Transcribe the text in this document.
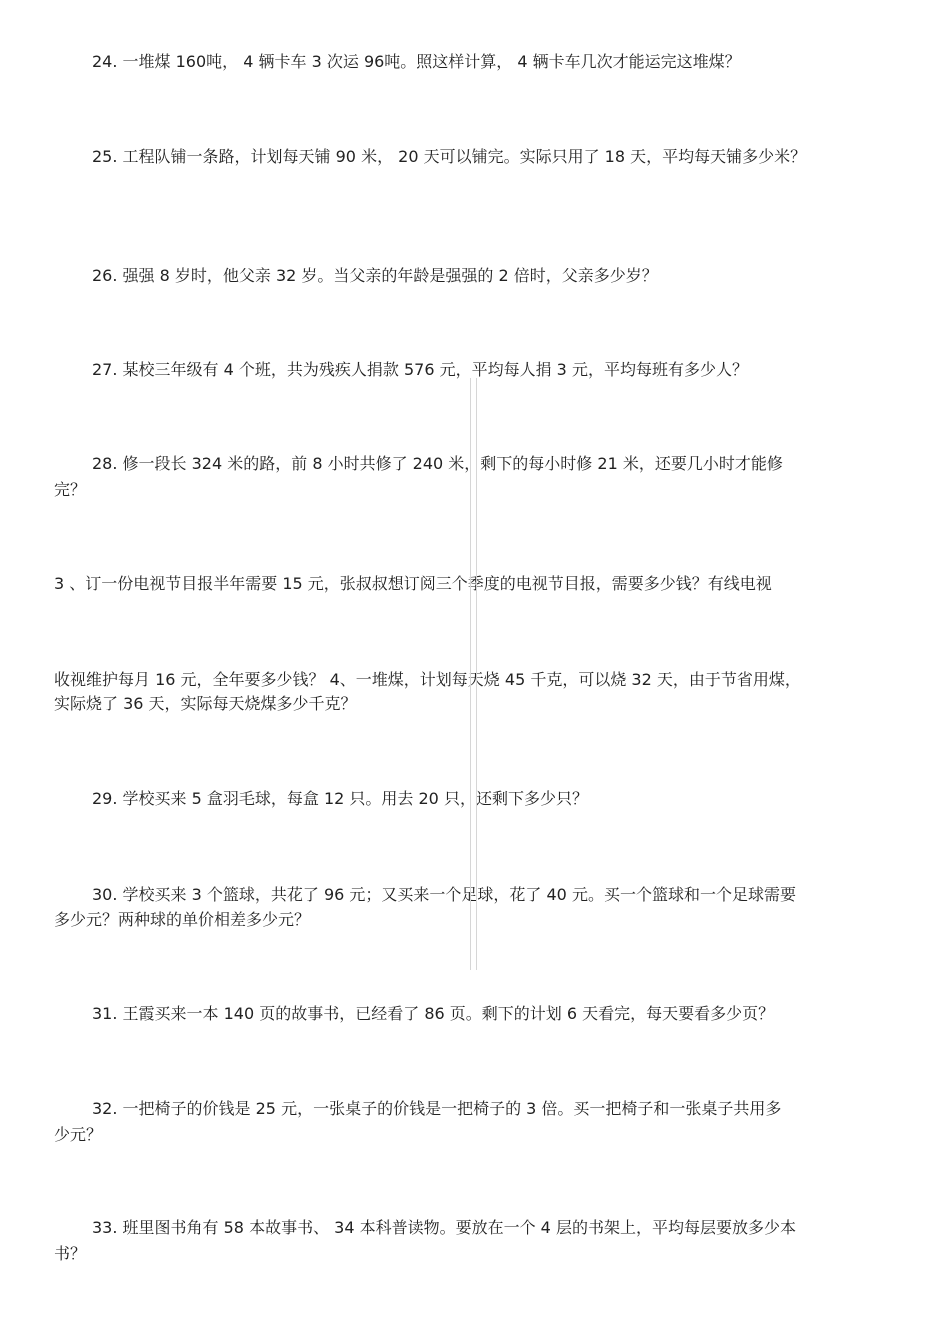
24. 一堆煤 160吨， 4 辆卡车 3 次运 96吨。照这样计算， 4 辆卡车几次才能运完这堆煤？
25. 工程队铺一条路，计划每天铺 90 米， 20 天可以铺完。实际只用了 18 天，平均每天铺多少米？
26. 强强 8 岁时，他父亲 32 岁。当父亲的年龄是强强的 2 倍时，父亲多少岁？
27. 某校三年级有 4 个班，共为残疾人捐款 576 元，平均每人捐 3 元，平均每班有多少人？
28. 修一段长 324 米的路，前 8 小时共修了 240 米，剩下的每小时修 21 米，还要几小时才能修
完？
3 、订一份电视节目报半年需要 15 元，张叔叔想订阅三个季度的电视节目报，需要多少钱？有线电视
收视维护每月 16 元，全年要多少钱？ 4、一堆煤，计划每天烧 45 千克，可以烧 32 天，由于节省用煤，
实际烧了 36 天，实际每天烧煤多少千克？
29. 学校买来 5 盒羽毛球，每盒 12 只。用去 20 只，还剩下多少只？
30. 学校买来 3 个篮球，共花了 96 元；又买来一个足球，花了 40 元。买一个篮球和一个足球需要
多少元？两种球的单价相差多少元？
31. 王霞买来一本 140 页的故事书，已经看了 86 页。剩下的计划 6 天看完，每天要看多少页？
32. 一把椅子的价钱是 25 元，一张桌子的价钱是一把椅子的 3 倍。买一把椅子和一张桌子共用多
少元？
33. 班里图书角有 58 本故事书、 34 本科普读物。要放在一个 4 层的书架上，平均每层要放多少本
书？
